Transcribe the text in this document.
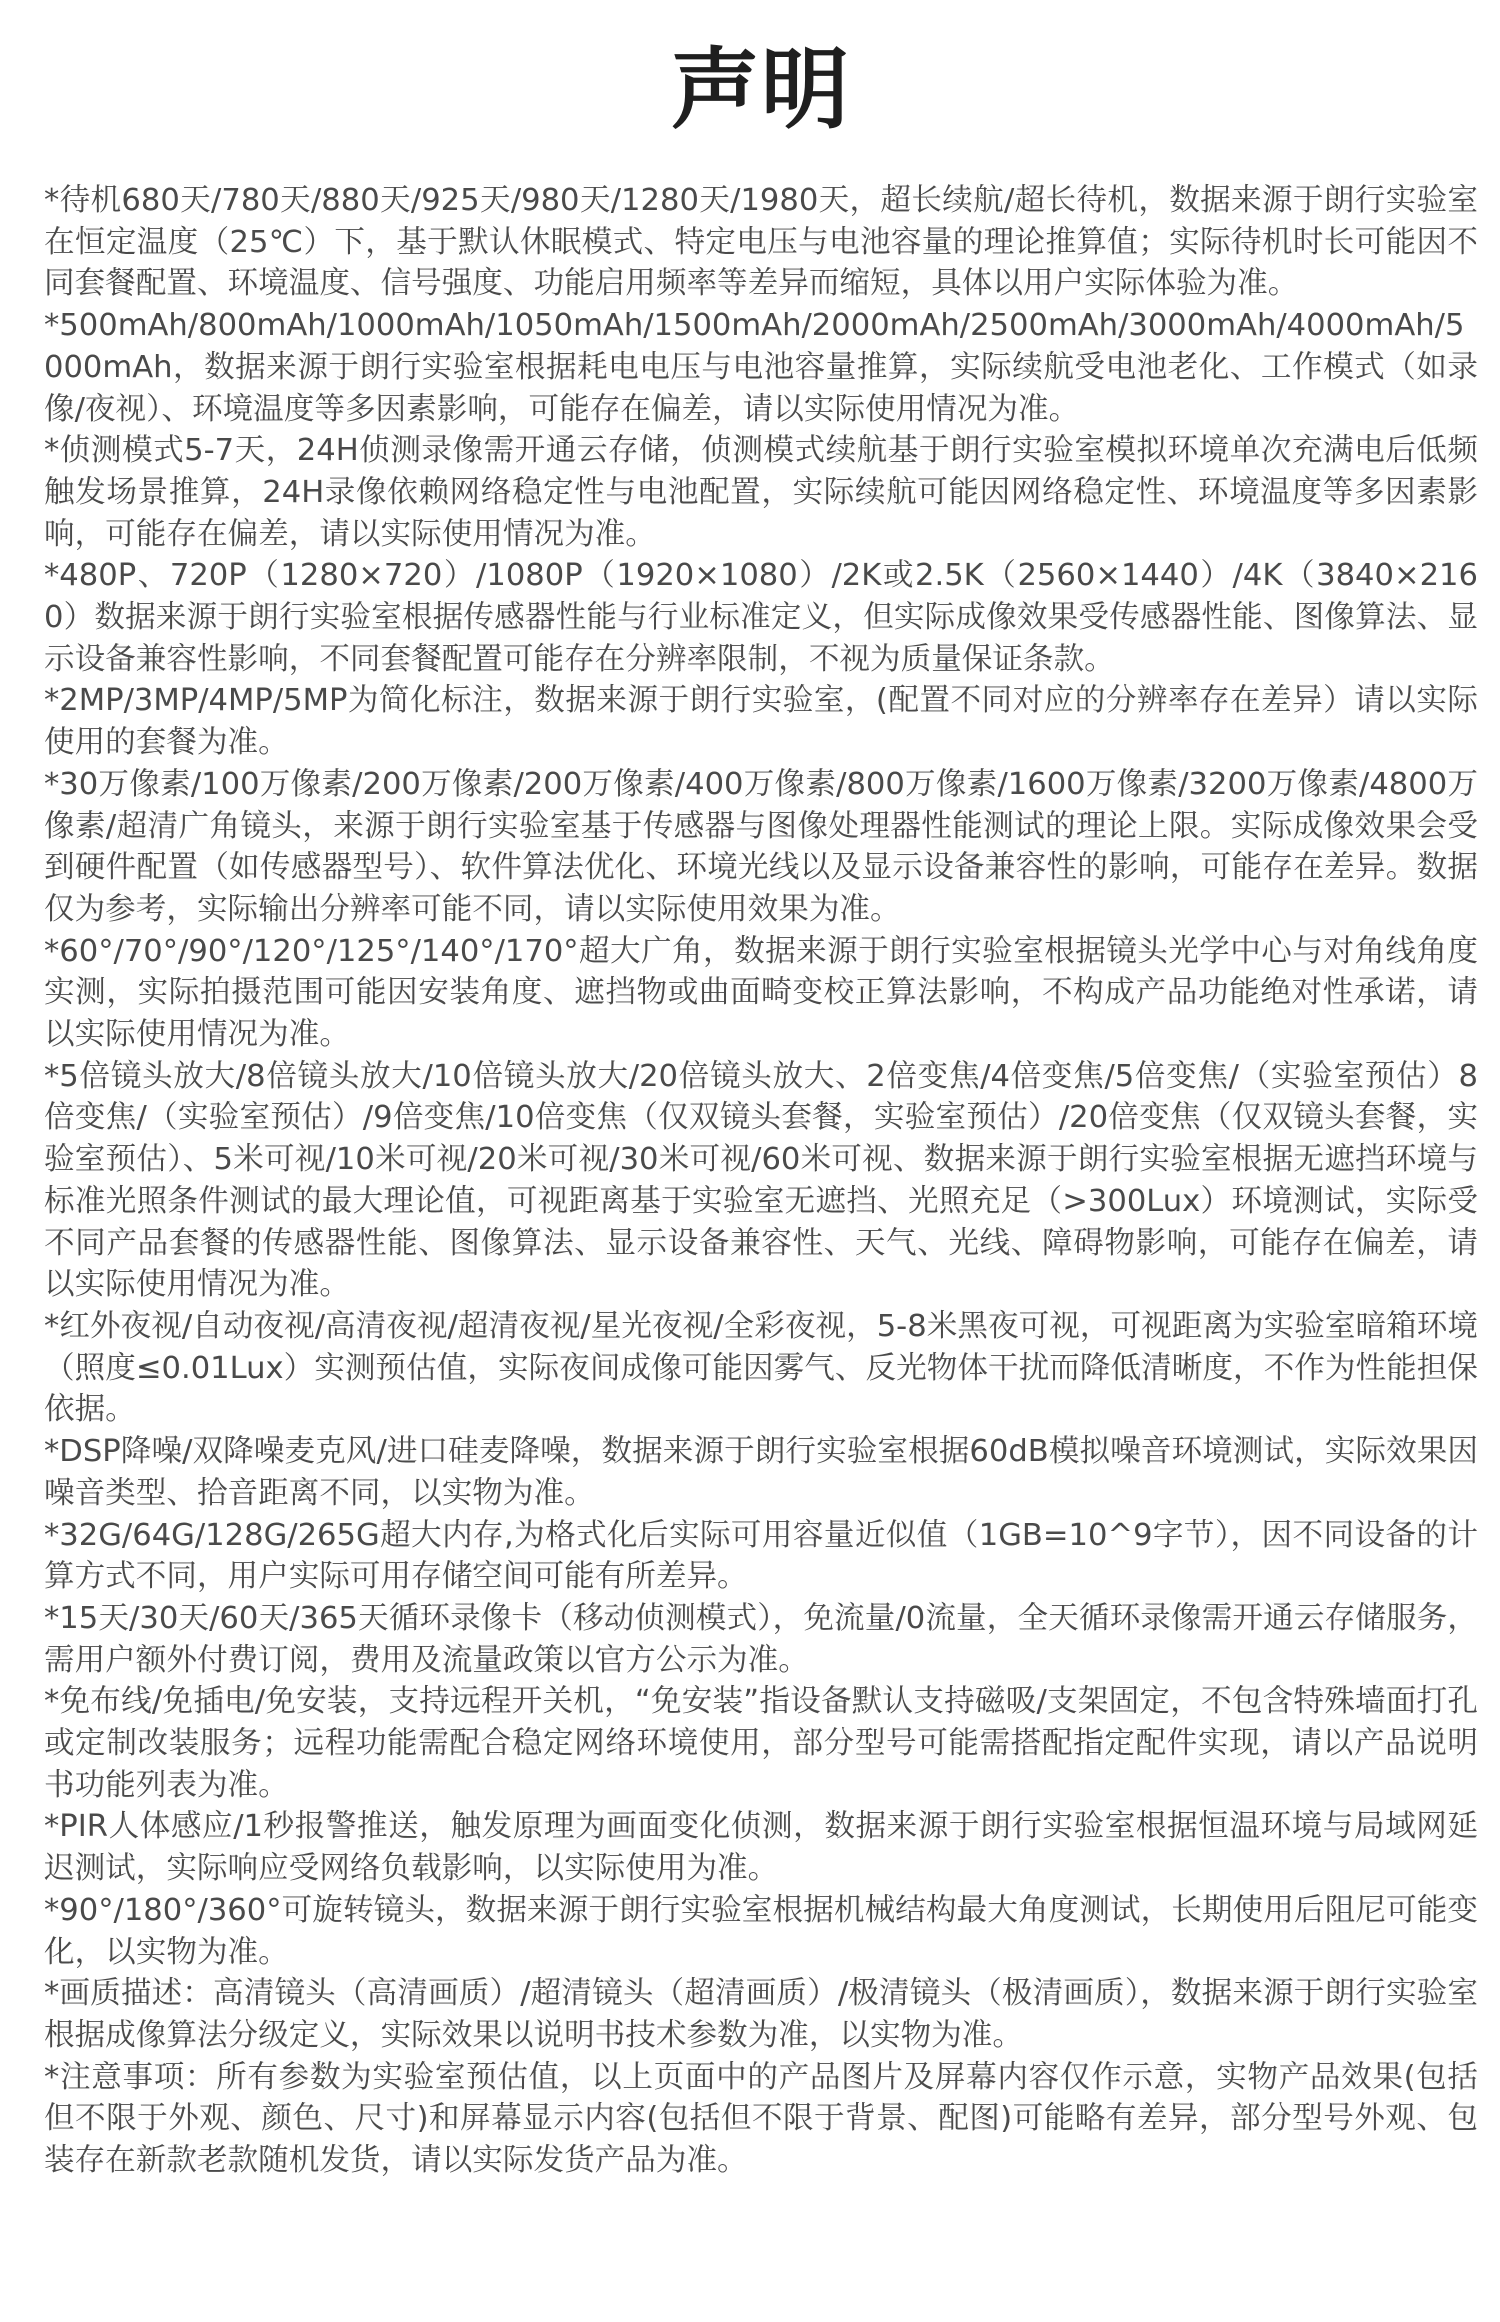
声明

*待机680天/780天/880天/925天/980天/1280天/1980天，超长续航/超长待机，数据来源于朗行实验室在恒定温度（25℃）下，基于默认休眠模式、特定电压与电池容量的理论推算值；实际待机时长可能因不同套餐配置、环境温度、信号强度、功能启用频率等差异而缩短，具体以用户实际体验为准。

*500mAh/800mAh/1000mAh/1050mAh/1500mAh/2000mAh/2500mAh/3000mAh/4000mAh/5000mAh，数据来源于朗行实验室根据耗电电压与电池容量推算，实际续航受电池老化、工作模式（如录像/夜视）、环境温度等多因素影响，可能存在偏差，请以实际使用情况为准。

*侦测模式5-7天，24H侦测录像需开通云存储，侦测模式续航基于朗行实验室模拟环境单次充满电后低频触发场景推算，24H录像依赖网络稳定性与电池配置，实际续航可能因网络稳定性、环境温度等多因素影响，可能存在偏差，请以实际使用情况为准。

*480P、720P（1280×720）/1080P（1920×1080）/2K或2.5K（2560×1440）/4K（3840×2160）数据来源于朗行实验室根据传感器性能与行业标准定义，但实际成像效果受传感器性能、图像算法、显示设备兼容性影响，不同套餐配置可能存在分辨率限制，不视为质量保证条款。

*2MP/3MP/4MP/5MP为简化标注，数据来源于朗行实验室，(配置不同对应的分辨率存在差异）请以实际使用的套餐为准。

*30万像素/100万像素/200万像素/200万像素/400万像素/800万像素/1600万像素/3200万像素/4800万像素/超清广角镜头，来源于朗行实验室基于传感器与图像处理器性能测试的理论上限。实际成像效果会受到硬件配置（如传感器型号）、软件算法优化、环境光线以及显示设备兼容性的影响，可能存在差异。数据仅为参考，实际输出分辨率可能不同，请以实际使用效果为准。

*60°/70°/90°/120°/125°/140°/170°超大广角，数据来源于朗行实验室根据镜头光学中心与对角线角度实测，实际拍摄范围可能因安装角度、遮挡物或曲面畸变校正算法影响，不构成产品功能绝对性承诺，请以实际使用情况为准。

*5倍镜头放大/8倍镜头放大/10倍镜头放大/20倍镜头放大、2倍变焦/4倍变焦/5倍变焦/（实验室预估）8倍变焦/（实验室预估）/9倍变焦/10倍变焦（仅双镜头套餐，实验室预估）/20倍变焦（仅双镜头套餐，实验室预估）、5米可视/10米可视/20米可视/30米可视/60米可视、数据来源于朗行实验室根据无遮挡环境与标准光照条件测试的最大理论值，可视距离基于实验室无遮挡、光照充足（>300Lux）环境测试，实际受不同产品套餐的传感器性能、图像算法、显示设备兼容性、天气、光线、障碍物影响，可能存在偏差，请以实际使用情况为准。

*红外夜视/自动夜视/高清夜视/超清夜视/星光夜视/全彩夜视，5-8米黑夜可视，可视距离为实验室暗箱环境（照度≤0.01Lux）实测预估值，实际夜间成像可能因雾气、反光物体干扰而降低清晰度，不作为性能担保依据。

*DSP降噪/双降噪麦克风/进口硅麦降噪，数据来源于朗行实验室根据60dB模拟噪音环境测试，实际效果因噪音类型、拾音距离不同，以实物为准。

*32G/64G/128G/265G超大内存,为格式化后实际可用容量近似值（1GB=10^9字节），因不同设备的计算方式不同，用户实际可用存储空间可能有所差异。

*15天/30天/60天/365天循环录像卡（移动侦测模式），免流量/0流量，全天循环录像需开通云存储服务，需用户额外付费订阅，费用及流量政策以官方公示为准。

*免布线/免插电/免安装，支持远程开关机，“免安装”指设备默认支持磁吸/支架固定，不包含特殊墙面打孔或定制改装服务；远程功能需配合稳定网络环境使用，部分型号可能需搭配指定配件实现，请以产品说明书功能列表为准。

*PIR人体感应/1秒报警推送，触发原理为画面变化侦测，数据来源于朗行实验室根据恒温环境与局域网延迟测试，实际响应受网络负载影响，以实际使用为准。

*90°/180°/360°可旋转镜头，数据来源于朗行实验室根据机械结构最大角度测试，长期使用后阻尼可能变化，以实物为准。

*画质描述：高清镜头（高清画质）/超清镜头（超清画质）/极清镜头（极清画质），数据来源于朗行实验室根据成像算法分级定义，实际效果以说明书技术参数为准，以实物为准。

*注意事项：所有参数为实验室预估值，以上页面中的产品图片及屏幕内容仅作示意，实物产品效果(包括但不限于外观、颜色、尺寸)和屏幕显示内容(包括但不限于背景、配图)可能略有差异，部分型号外观、包装存在新款老款随机发货，请以实际发货产品为准。
